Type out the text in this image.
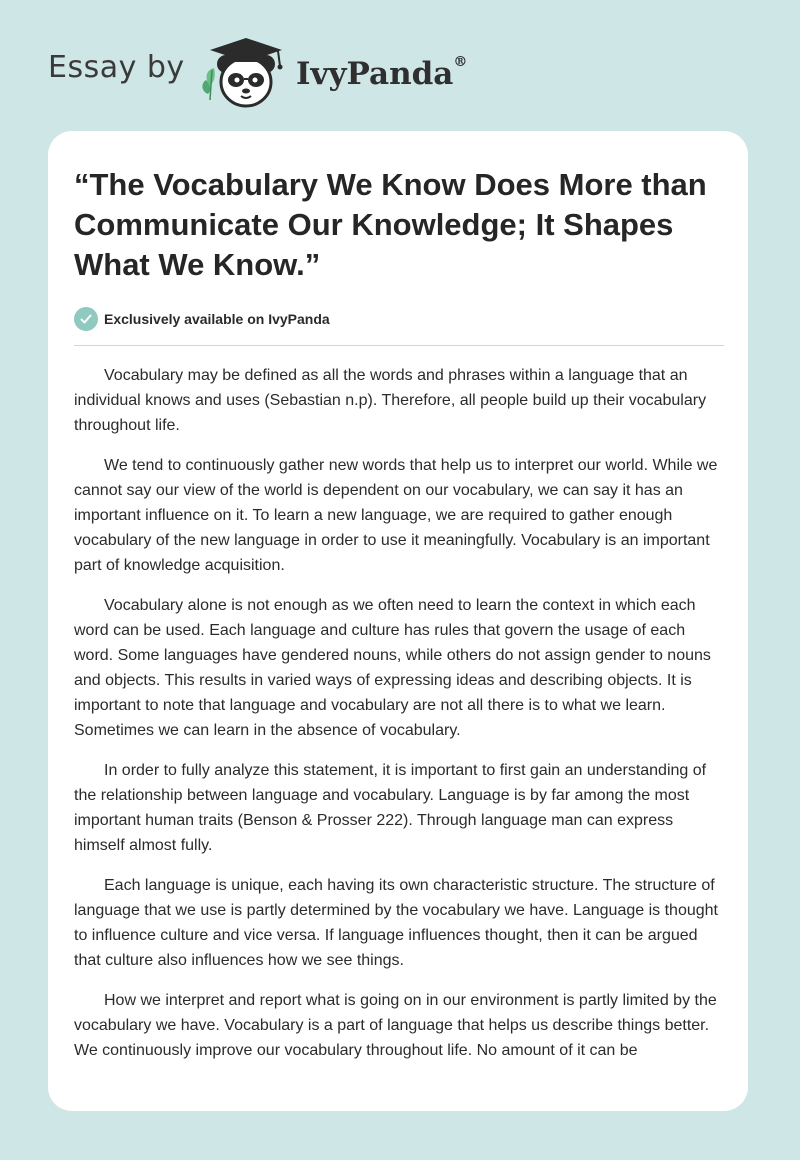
Essay by	IvyPanda®
“The Vocabulary We Know Does More than Communicate Our Knowledge; It Shapes What We Know.”
Exclusively available on IvyPanda

Vocabulary may be defined as all the words and phrases within a language that an individual knows and uses (Sebastian n.p). Therefore, all people build up their vocabulary throughout life.

We tend to continuously gather new words that help us to interpret our world. While we cannot say our view of the world is dependent on our vocabulary, we can say it has an important influence on it. To learn a new language, we are required to gather enough vocabulary of the new language in order to use it meaningfully. Vocabulary is an important part of knowledge acquisition.

Vocabulary alone is not enough as we often need to learn the context in which each word can be used. Each language and culture has rules that govern the usage of each word. Some languages have gendered nouns, while others do not assign gender to nouns and objects. This results in varied ways of expressing ideas and describing objects. It is important to note that language and vocabulary are not all there is to what we learn. Sometimes we can learn in the absence of vocabulary.

In order to fully analyze this statement, it is important to first gain an understanding of the relationship between language and vocabulary. Language is by far among the most important human traits (Benson & Prosser 222). Through language man can express himself almost fully.

Each language is unique, each having its own characteristic structure. The structure of language that we use is partly determined by the vocabulary we have. Language is thought to influence culture and vice versa. If language influences thought, then it can be argued that culture also influences how we see things.

How we interpret and report what is going on in our environment is partly limited by the vocabulary we have. Vocabulary is a part of language that helps us describe things better. We continuously improve our vocabulary throughout life. No amount of it can be
